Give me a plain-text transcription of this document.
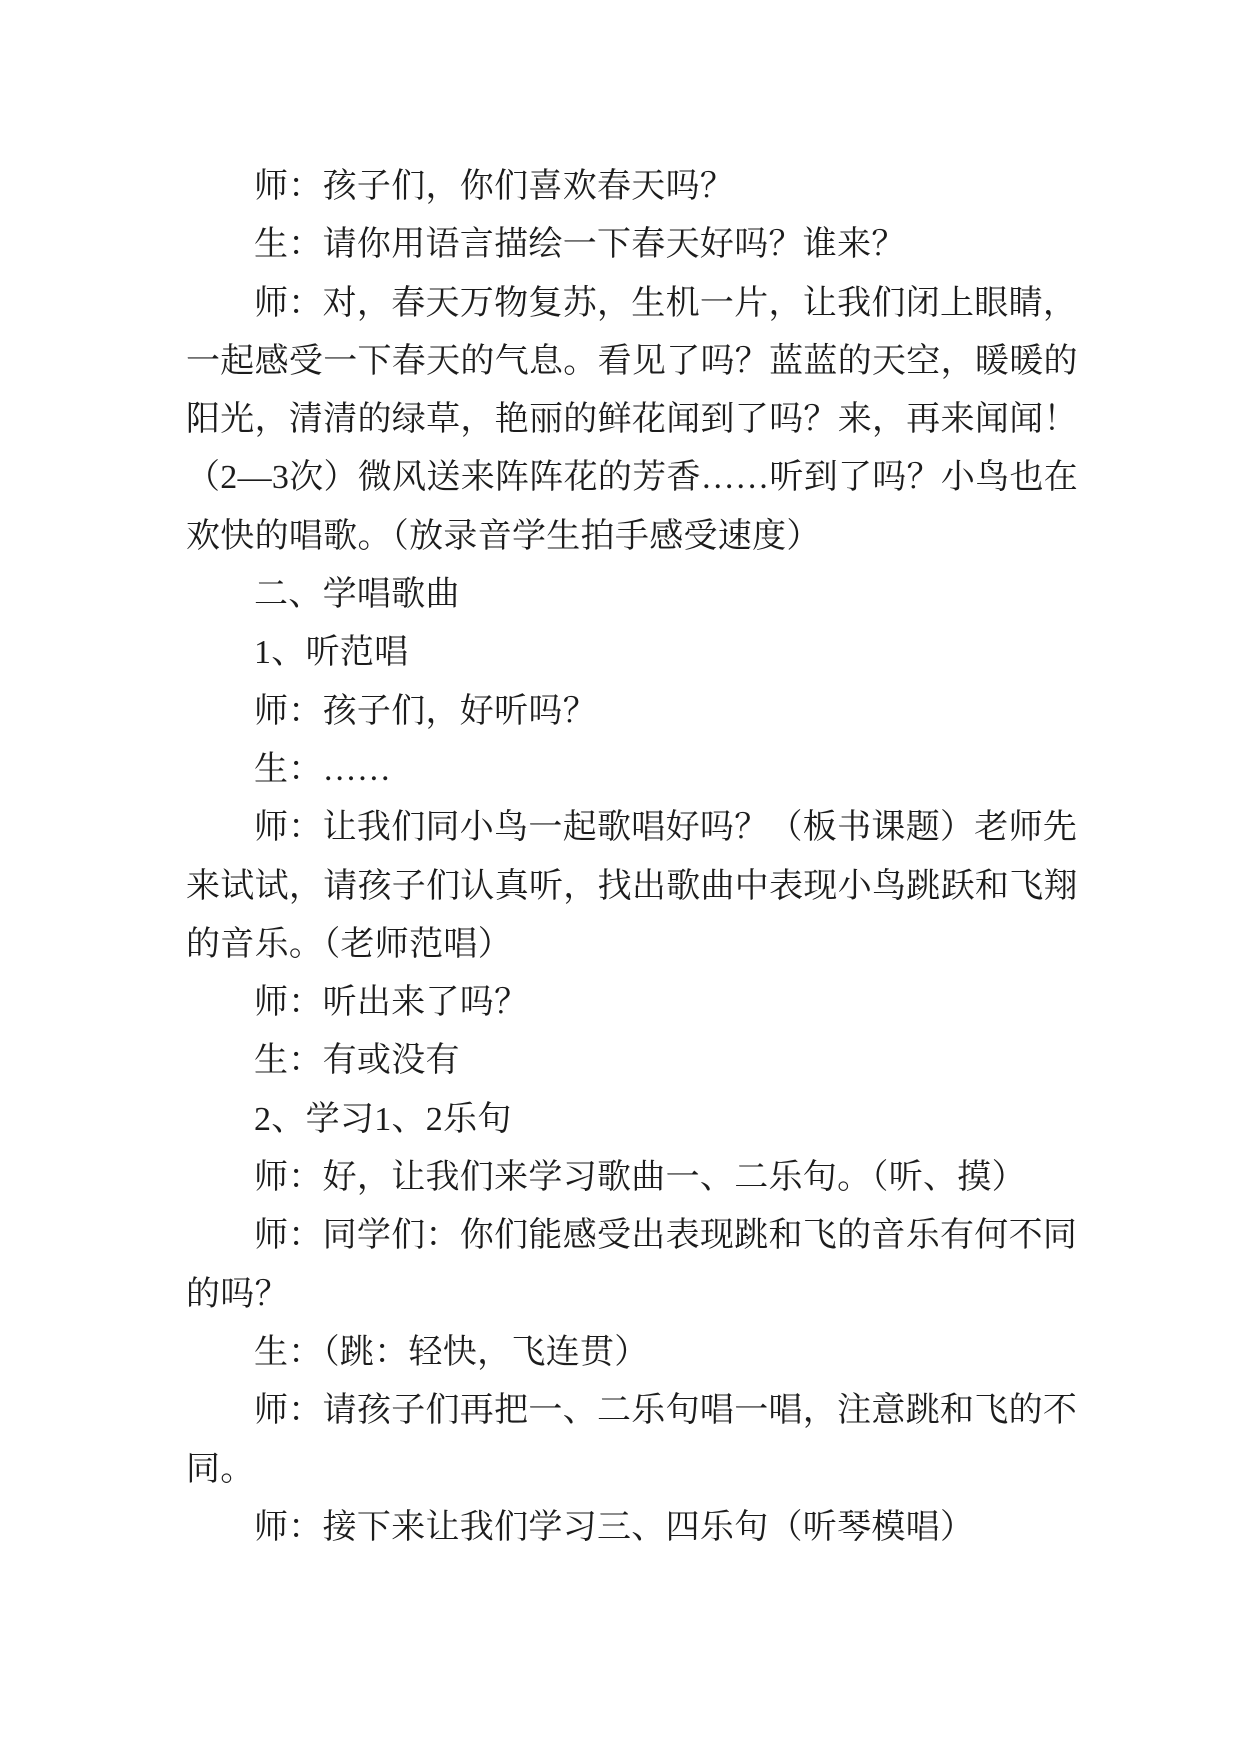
师：孩子们，你们喜欢春天吗？
生：请你用语言描绘一下春天好吗？谁来？
师：对，春天万物复苏，生机一片，让我们闭上眼睛，
一起感受一下春天的气息。看见了吗？蓝蓝的天空，暖暖的
阳光，清清的绿草，艳丽的鲜花闻到了吗？来，再来闻闻！
（2—3次）微风送来阵阵花的芳香……听到了吗？小鸟也在
欢快的唱歌。（放录音学生拍手感受速度）
二、学唱歌曲
1、听范唱
师：孩子们，好听吗？
生：……
师：让我们同小鸟一起歌唱好吗？（板书课题）老师先
来试试，请孩子们认真听，找出歌曲中表现小鸟跳跃和飞翔
的音乐。（老师范唱）
师：听出来了吗？
生：有或没有
2、学习1、2乐句
师：好，让我们来学习歌曲一、二乐句。（听、摸）
师：同学们：你们能感受出表现跳和飞的音乐有何不同
的吗？
生：（跳：轻快，飞连贯）
师：请孩子们再把一、二乐句唱一唱，注意跳和飞的不
同。
师：接下来让我们学习三、四乐句（听琴模唱）
